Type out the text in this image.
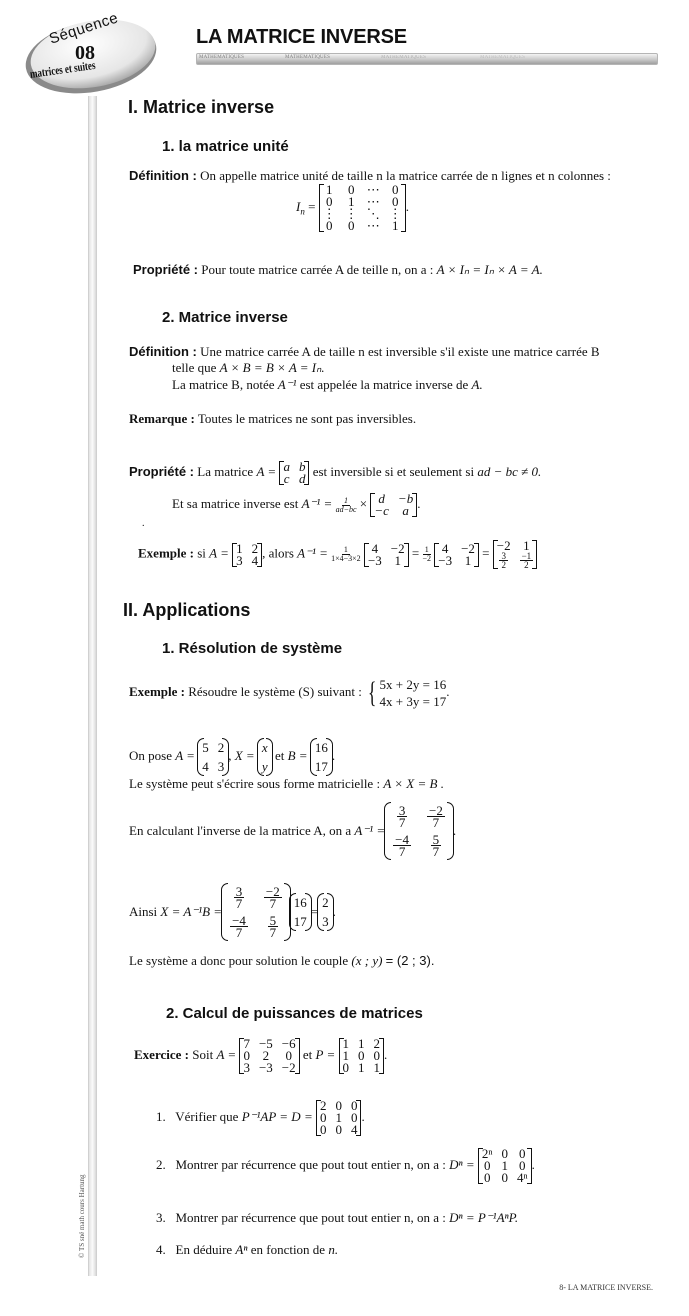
Séquence
08
matrices et suites
LA MATRICE INVERSE
MATHEMATIQUES	MATHEMATIQUES	MATHEMATIQUES	MATHEMATIQUES
© TS sné math cours Hartung
I. Matrice inverse
1. la matrice unité
Définition : On appelle matrice unité de taille n la matrice carrée de n lignes et n colonnes :
$I_n$ =
1 0 ⋯ 0
0 1 ⋯ 0
⋮ ⋮ ⋱ ⋮
0 0 ⋯ 1
.
Propriété : Pour toute matrice carrée A de teille n, on a : A × Iₙ = Iₙ × A = A.
2. Matrice inverse
Définition : Une matrice carrée A de taille n est inversible s'il existe une matrice carrée B
telle que A × B = B × A = Iₙ.
La matrice B, notée A⁻¹ est appelée la matrice inverse de A.
Remarque : Toutes le matrices ne sont pas inversibles.
Propriété : La matrice A = a b
c d est inversible si et seulement si ad − bc ≠ 0.
Et sa matrice inverse est $A^{-1} = \frac{1}{ad-bc} \times d$	−b
−c	a .
.
Exemple : si A = 1 2
3 4 , alors $A^{-1} = \frac{1}{1\times 4-3\times 2}$
4 −2
−3 $1 = \frac{1}{-2}$
4 −2
−3 1 = −2 1
$\frac{3}{2} \frac{-1}{2}$
II. Applications
1. Résolution de système
Exemple : Résoudre le système (S) suivant : { 5x + 2y = 16
4x + 3y = 17
.
On pose A =
5 2
4 3
, X =
x
y
et B =
16
17
.
Le système peut s'écrire sous forme matricielle : A × X = B .
En calculant l'inverse de la matrice A, on a
A⁻¹ =
$\frac{3}{7} \frac{-2}{7}$
$\frac{-4}{7} \frac{5}{7}$
.
Ainsi
X = A⁻¹B =
$\frac{3}{7} \frac{-2}{7}$
$\frac{-4}{7} \frac{5}{7}$
16
17
=
2
3
.
Le système a donc pour solution le couple (x ; y) = (2 ; 3).
2. Calcul de puissances de matrices
Exercice : Soit A =
7 −5 −6
0 2 0
3 −3 −2
et P =
1 1 2
1 0 0
0 1 1
.
1. Vérifier que P⁻¹AP = D =
2 0 0
0 1 0
0 0 4
.
2. Montrer par récurrence que pout tout entier n, on a : Dⁿ =
2ⁿ 0 0
0 1 0
0 0 4ⁿ
.
3. Montrer par récurrence que pout tout entier n, on a : Dⁿ = P⁻¹AⁿP.
4. En déduire Aⁿ en fonction de n.
8- LA MATRICE INVERSE.
